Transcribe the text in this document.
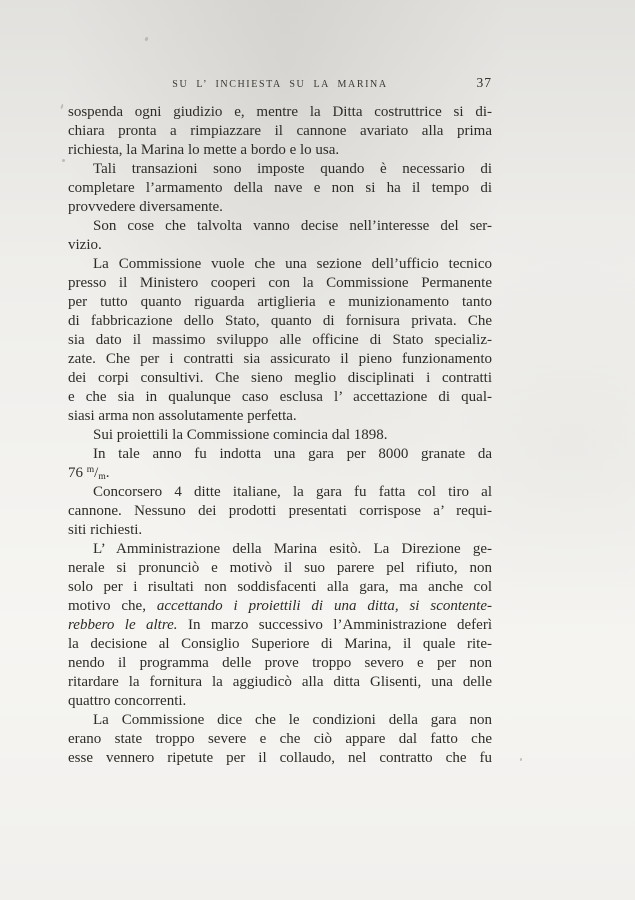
SU L’ INCHIESTA SU LA MARINA	37
sospenda ogni giudizio e, mentre la Ditta costruttrice si di-
chiara pronta a rimpiazzare il cannone avariato alla prima
richiesta, la Marina lo mette a bordo e lo usa.
Tali transazioni sono imposte quando è necessario di
completare l’armamento della nave e non si ha il tempo di
provvedere diversamente.
Son cose che talvolta vanno decise nell’interesse del ser-
vizio.
La Commissione vuole che una sezione dell’ufficio tecnico
presso il Ministero cooperi con la Commissione Permanente
per tutto quanto riguarda artiglieria e munizionamento tanto
di fabbricazione dello Stato, quanto di fornisura privata. Che
sia dato il massimo sviluppo alle officine di Stato specializ-
zate. Che per i contratti sia assicurato il pieno funzionamento
dei corpi consultivi. Che sieno meglio disciplinati i contratti
e che sia in qualunque caso esclusa l’ accettazione di qual-
siasi arma non assolutamente perfetta.
Sui proiettili la Commissione comincia dal 1898.
In tale anno fu indotta una gara per 8000 granate da
76 $^m$/m.
Concorsero 4 ditte italiane, la gara fu fatta col tiro al
cannone. Nessuno dei prodotti presentati corrispose a’ requi-
siti richiesti.
L’ Amministrazione della Marina esitò. La Direzione ge-
nerale si pronunciò e motivò il suo parere pel rifiuto, non
solo per i risultati non soddisfacenti alla gara, ma anche col
motivo che, accettando i proiettili di una ditta, si scontente-
rebbero le altre. In marzo successivo l’Amministrazione deferì
la decisione al Consiglio Superiore di Marina, il quale rite-
nendo il programma delle prove troppo severo e per non
ritardare la fornitura la aggiudicò alla ditta Glisenti, una delle
quattro concorrenti.
La Commissione dice che le condizioni della gara non
erano state troppo severe e che ciò appare dal fatto che
esse vennero ripetute per il collaudo, nel contratto che fu
